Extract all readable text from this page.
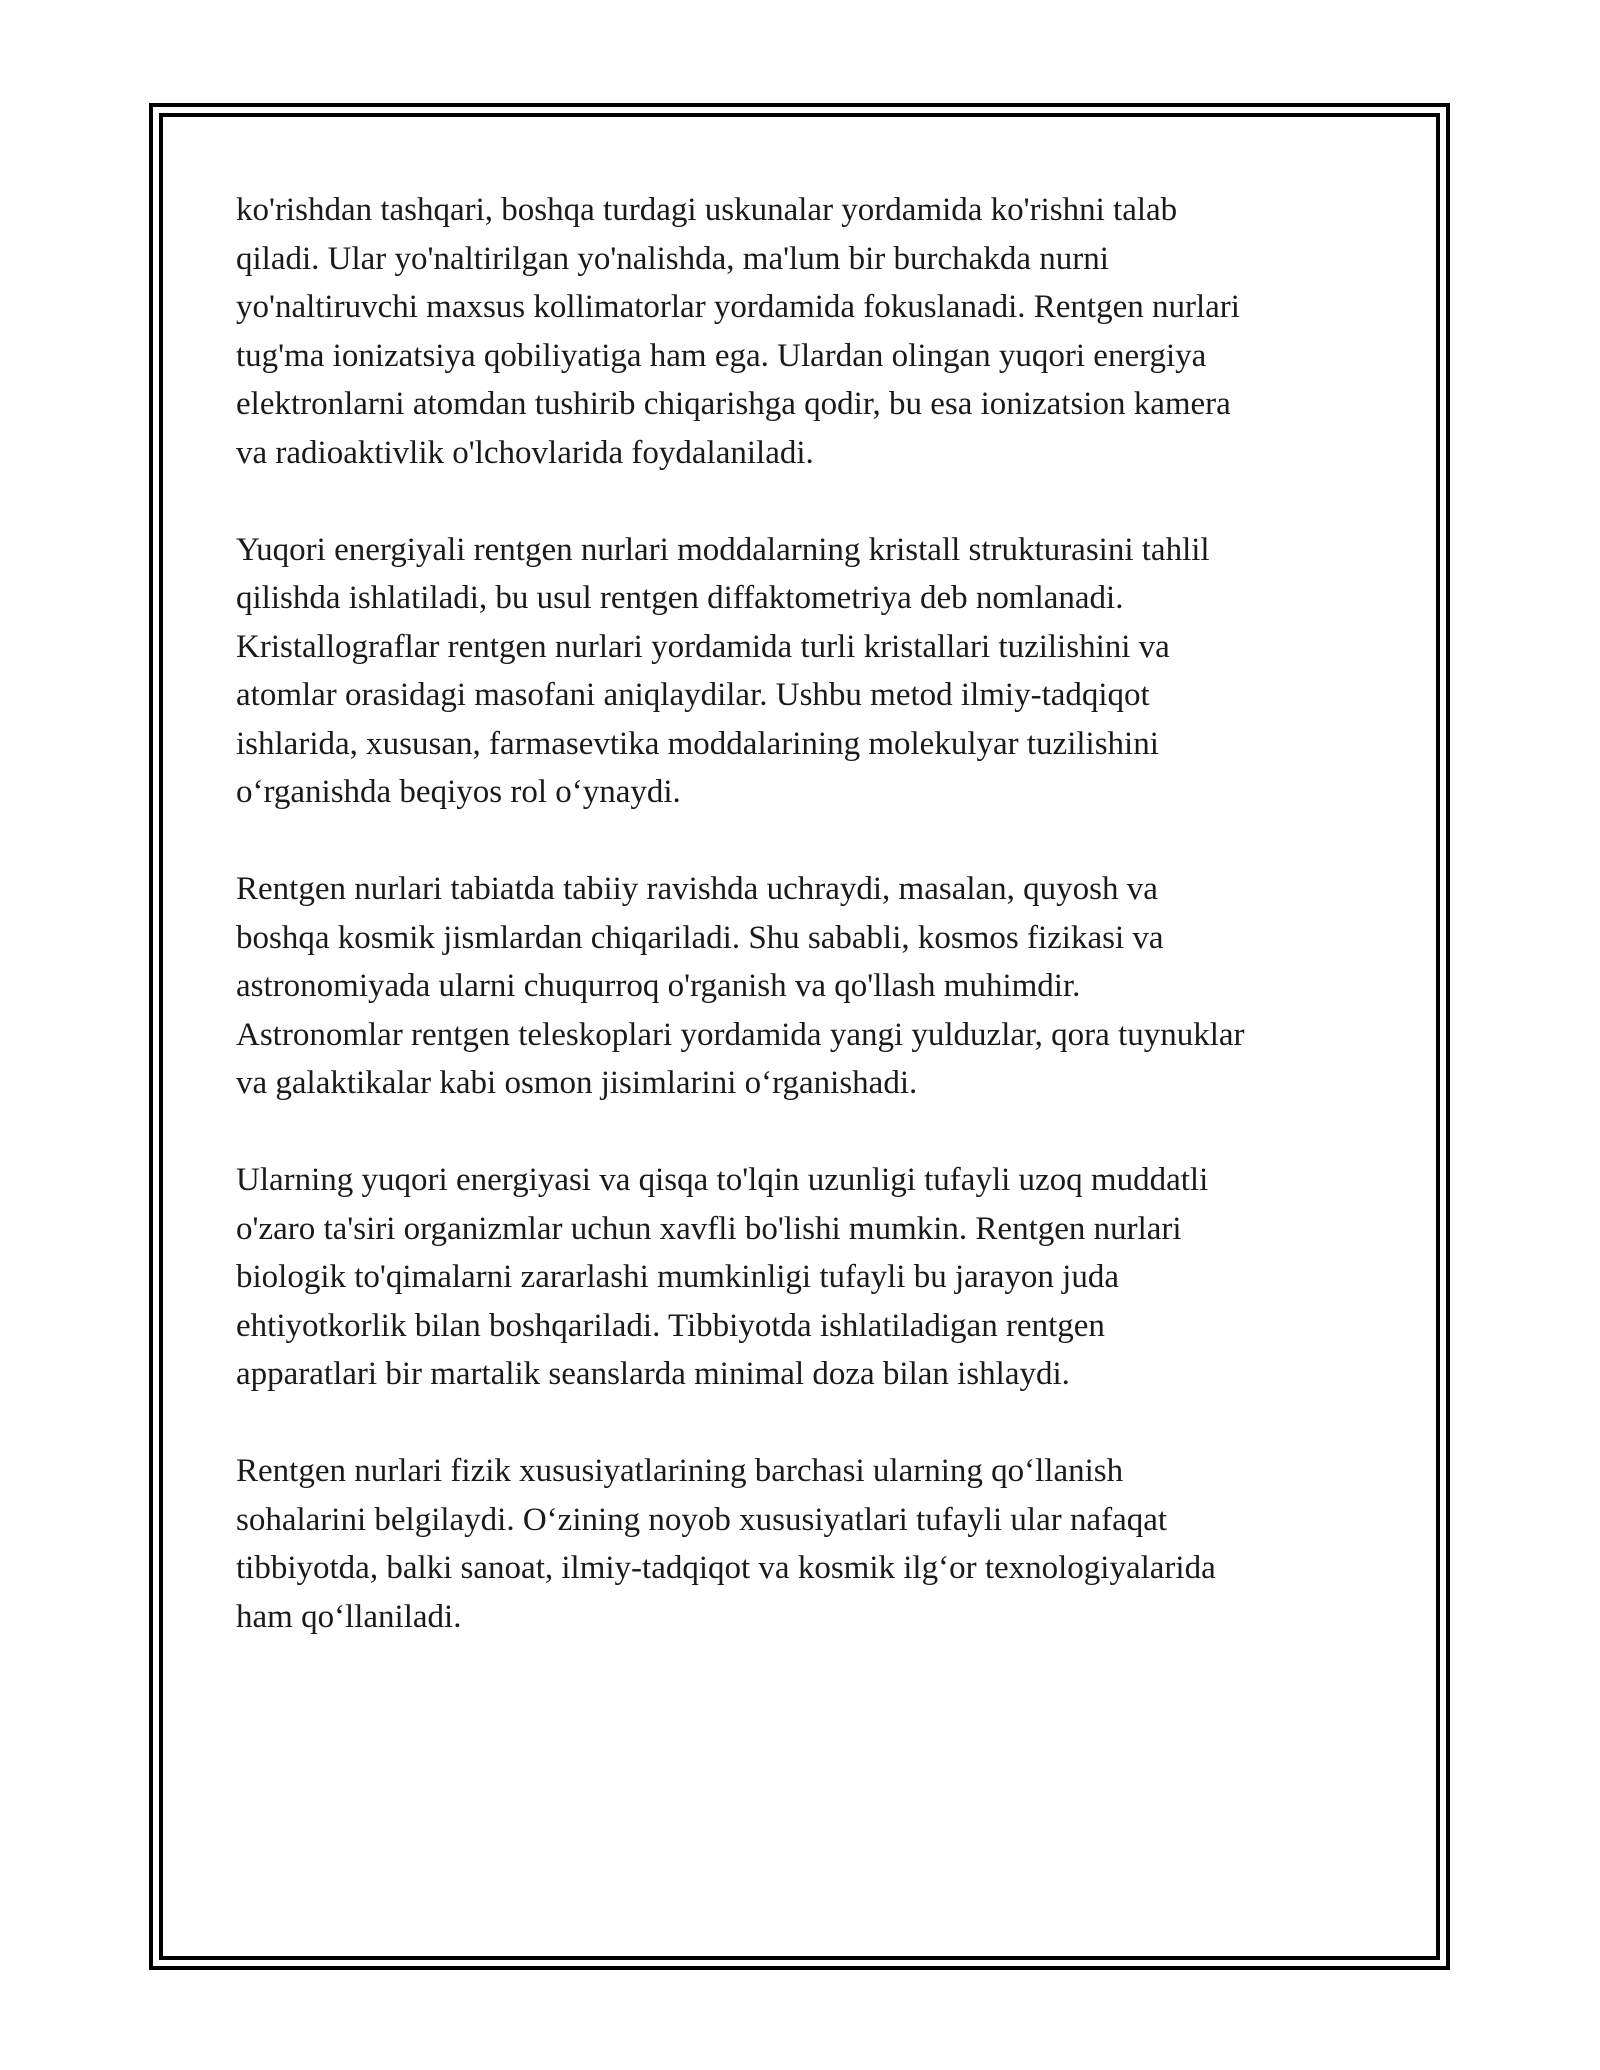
ko'rishdan tashqari, boshqa turdagi uskunalar yordamida ko'rishni talab
qiladi. Ular yo'naltirilgan yo'nalishda, ma'lum bir burchakda nurni
yo'naltiruvchi maxsus kollimatorlar yordamida fokuslanadi. Rentgen nurlari
tug'ma ionizatsiya qobiliyatiga ham ega. Ulardan olingan yuqori energiya
elektronlarni atomdan tushirib chiqarishga qodir, bu esa ionizatsion kamera
va radioaktivlik o'lchovlarida foydalaniladi.

Yuqori energiyali rentgen nurlari moddalarning kristall strukturasini tahlil
qilishda ishlatiladi, bu usul rentgen diffaktometriya deb nomlanadi.
Kristallograflar rentgen nurlari yordamida turli kristallari tuzilishini va
atomlar orasidagi masofani aniqlaydilar. Ushbu metod ilmiy-tadqiqot
ishlarida, xususan, farmasevtika moddalarining molekulyar tuzilishini
o‘rganishda beqiyos rol o‘ynaydi.

Rentgen nurlari tabiatda tabiiy ravishda uchraydi, masalan, quyosh va
boshqa kosmik jismlardan chiqariladi. Shu sababli, kosmos fizikasi va
astronomiyada ularni chuqurroq o'rganish va qo'llash muhimdir.
Astronomlar rentgen teleskoplari yordamida yangi yulduzlar, qora tuynuklar
va galaktikalar kabi osmon jisimlarini o‘rganishadi.

Ularning yuqori energiyasi va qisqa to'lqin uzunligi tufayli uzoq muddatli
o'zaro ta'siri organizmlar uchun xavfli bo'lishi mumkin. Rentgen nurlari
biologik to'qimalarni zararlashi mumkinligi tufayli bu jarayon juda
ehtiyotkorlik bilan boshqariladi. Tibbiyotda ishlatiladigan rentgen
apparatlari bir martalik seanslarda minimal doza bilan ishlaydi.

Rentgen nurlari fizik xususiyatlarining barchasi ularning qo‘llanish
sohalarini belgilaydi. O‘zining noyob xususiyatlari tufayli ular nafaqat
tibbiyotda, balki sanoat, ilmiy-tadqiqot va kosmik ilg‘or texnologiyalarida
ham qo‘llaniladi.
